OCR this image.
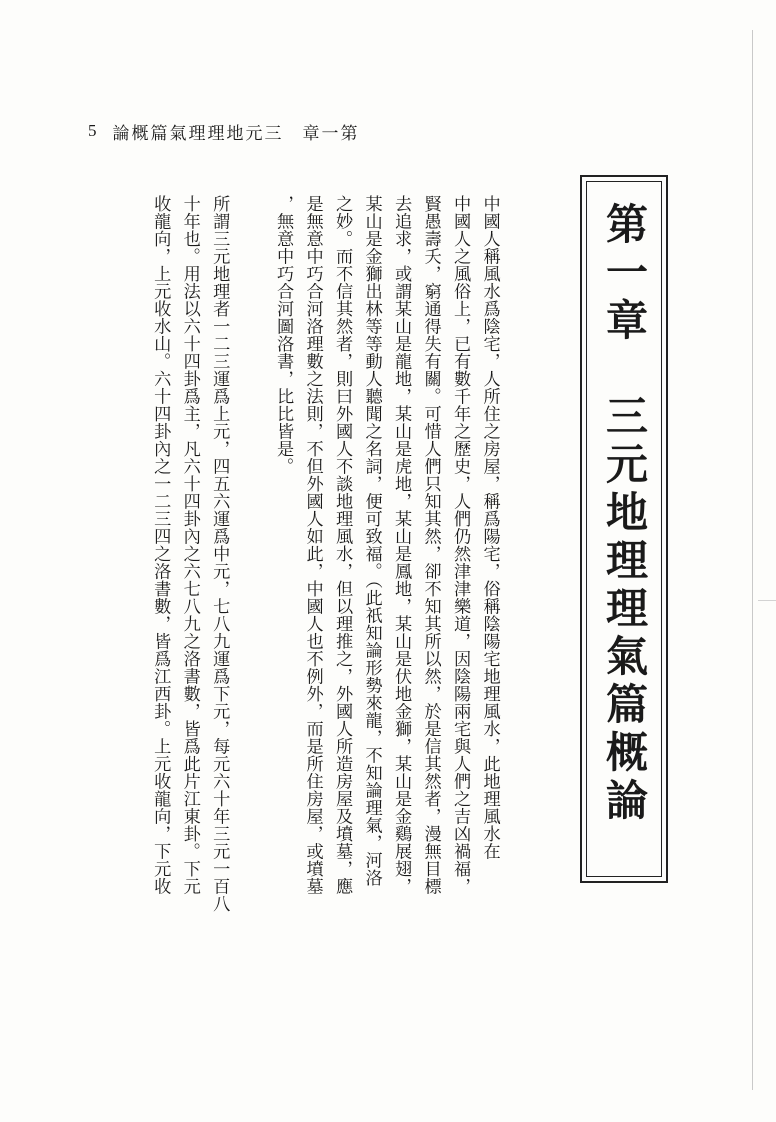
5 論概篇氣理理地元三　章一第
第一章　三元地理理氣篇概論
中國人稱風水爲陰宅，人所住之房屋，稱爲陽宅，俗稱陰陽宅地理風水，此地理風水在
中國人之風俗上，已有數千年之歷史，人們仍然津津樂道，因陰陽兩宅與人們之吉凶禍福，
賢愚壽夭，窮通得失有關。可惜人們只知其然，卻不知其所以然，於是信其然者，漫無目標
去追求，或謂某山是龍地，某山是虎地，某山是鳳地，某山是伏地金獅，某山是金鷄展翅，
某山是金獅出林等等動人聽聞之名詞，便可致福。（此祇知論形勢來龍，不知論理氣，河洛
之妙。而不信其然者，則曰外國人不談地理風水，但以理推之，外國人所造房屋及墳墓，應
是無意中巧合河洛理數之法則，不但外國人如此，中國人也不例外，而是所住房屋，或墳墓
，無意中巧合河圖洛書，比比皆是。
所謂三元地理者一二三運爲上元，四五六運爲中元，七八九運爲下元，每元六十年三元一百八
十年也。用法以六十四卦爲主，凡六十四卦內之六七八九之洛書數，皆爲此片江東卦。下元
收龍向，上元收水山。六十四卦內之一二三四之洛書數，皆爲江西卦。上元收龍向，下元收
